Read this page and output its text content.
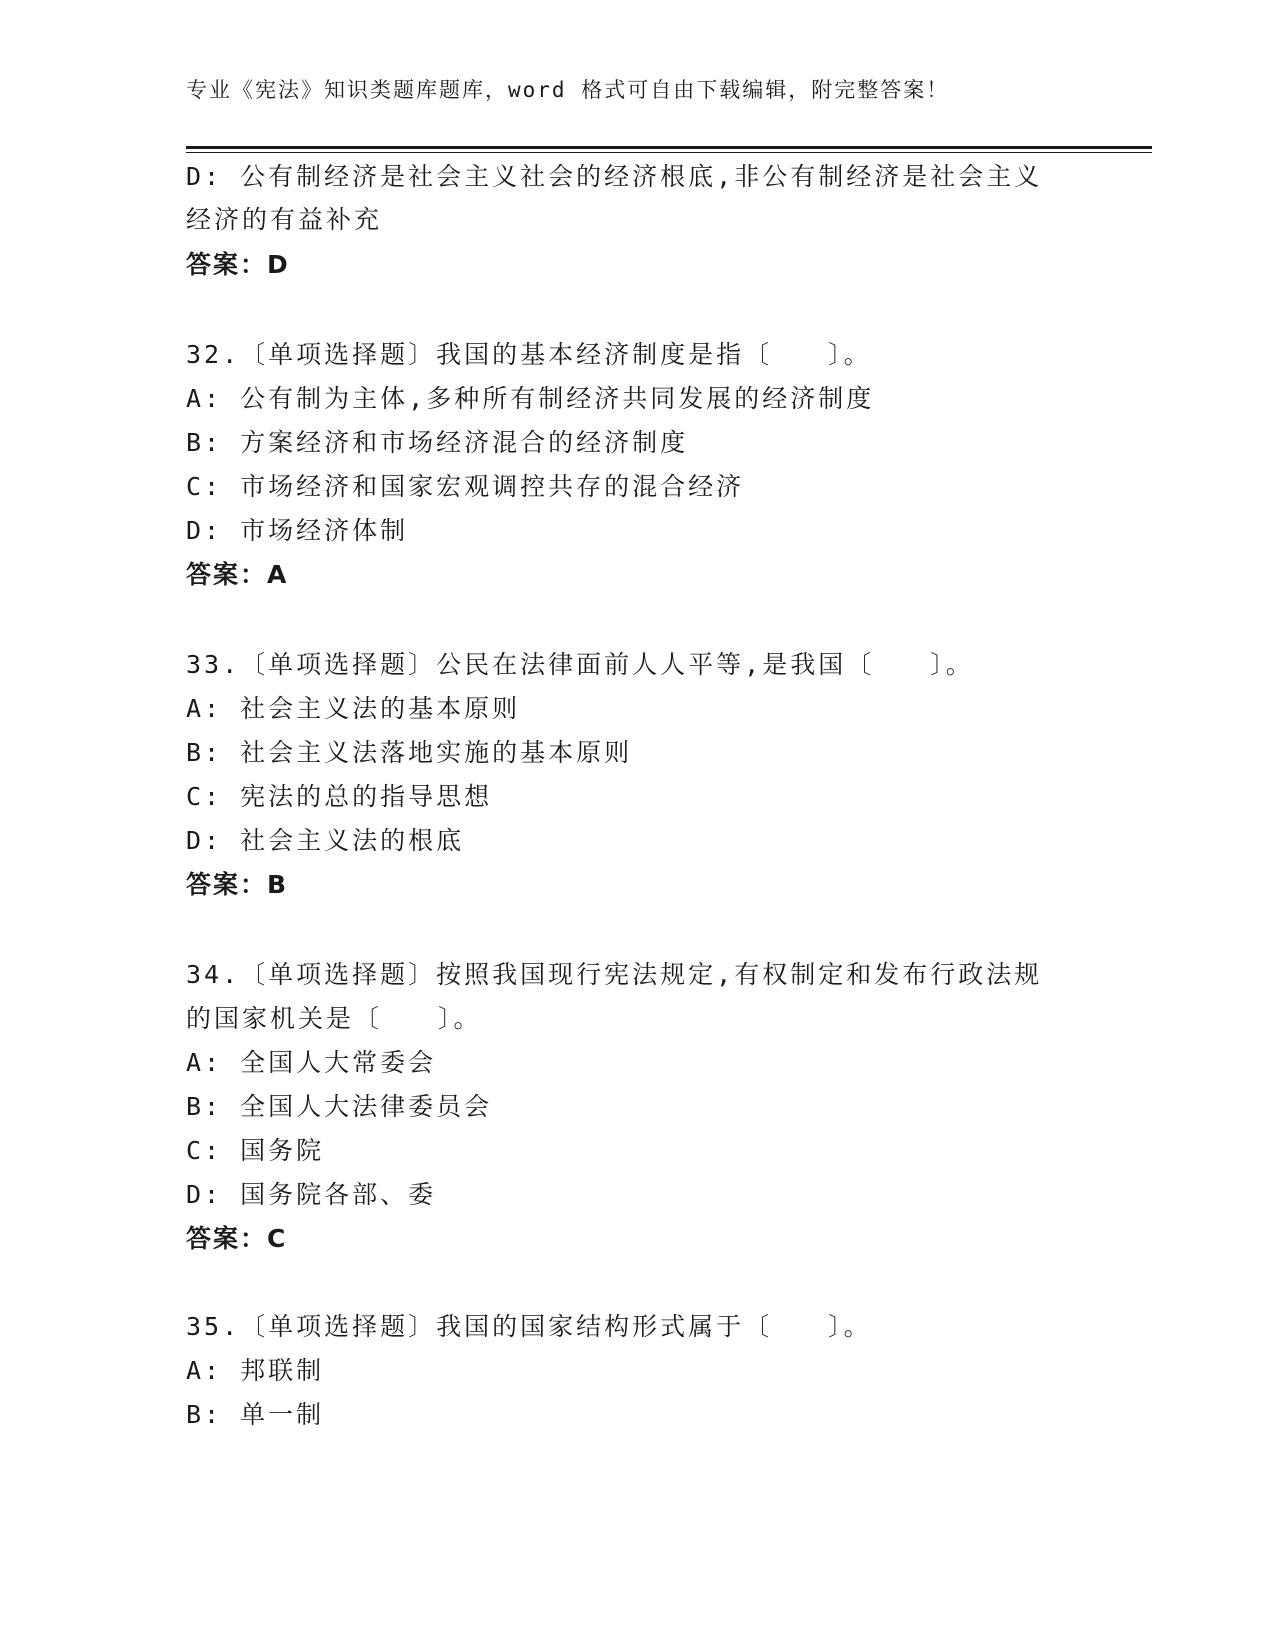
专业《宪法》知识类题库题库，word 格式可自由下载编辑，附完整答案！
D: 公有制经济是社会主义社会的经济根底,非公有制经济是社会主义
经济的有益补充
答案：D
32.〔单项选择题〕我国的基本经济制度是指〔　　〕。
A: 公有制为主体,多种所有制经济共同发展的经济制度
B: 方案经济和市场经济混合的经济制度
C: 市场经济和国家宏观调控共存的混合经济
D: 市场经济体制
答案：A
33.〔单项选择题〕公民在法律面前人人平等,是我国〔　　〕。
A: 社会主义法的基本原则
B: 社会主义法落地实施的基本原则
C: 宪法的总的指导思想
D: 社会主义法的根底
答案：B
34.〔单项选择题〕按照我国现行宪法规定,有权制定和发布行政法规
的国家机关是〔　　〕。
A: 全国人大常委会
B: 全国人大法律委员会
C: 国务院
D: 国务院各部、委
答案：C
35.〔单项选择题〕我国的国家结构形式属于〔　　〕。
A: 邦联制
B: 单一制
